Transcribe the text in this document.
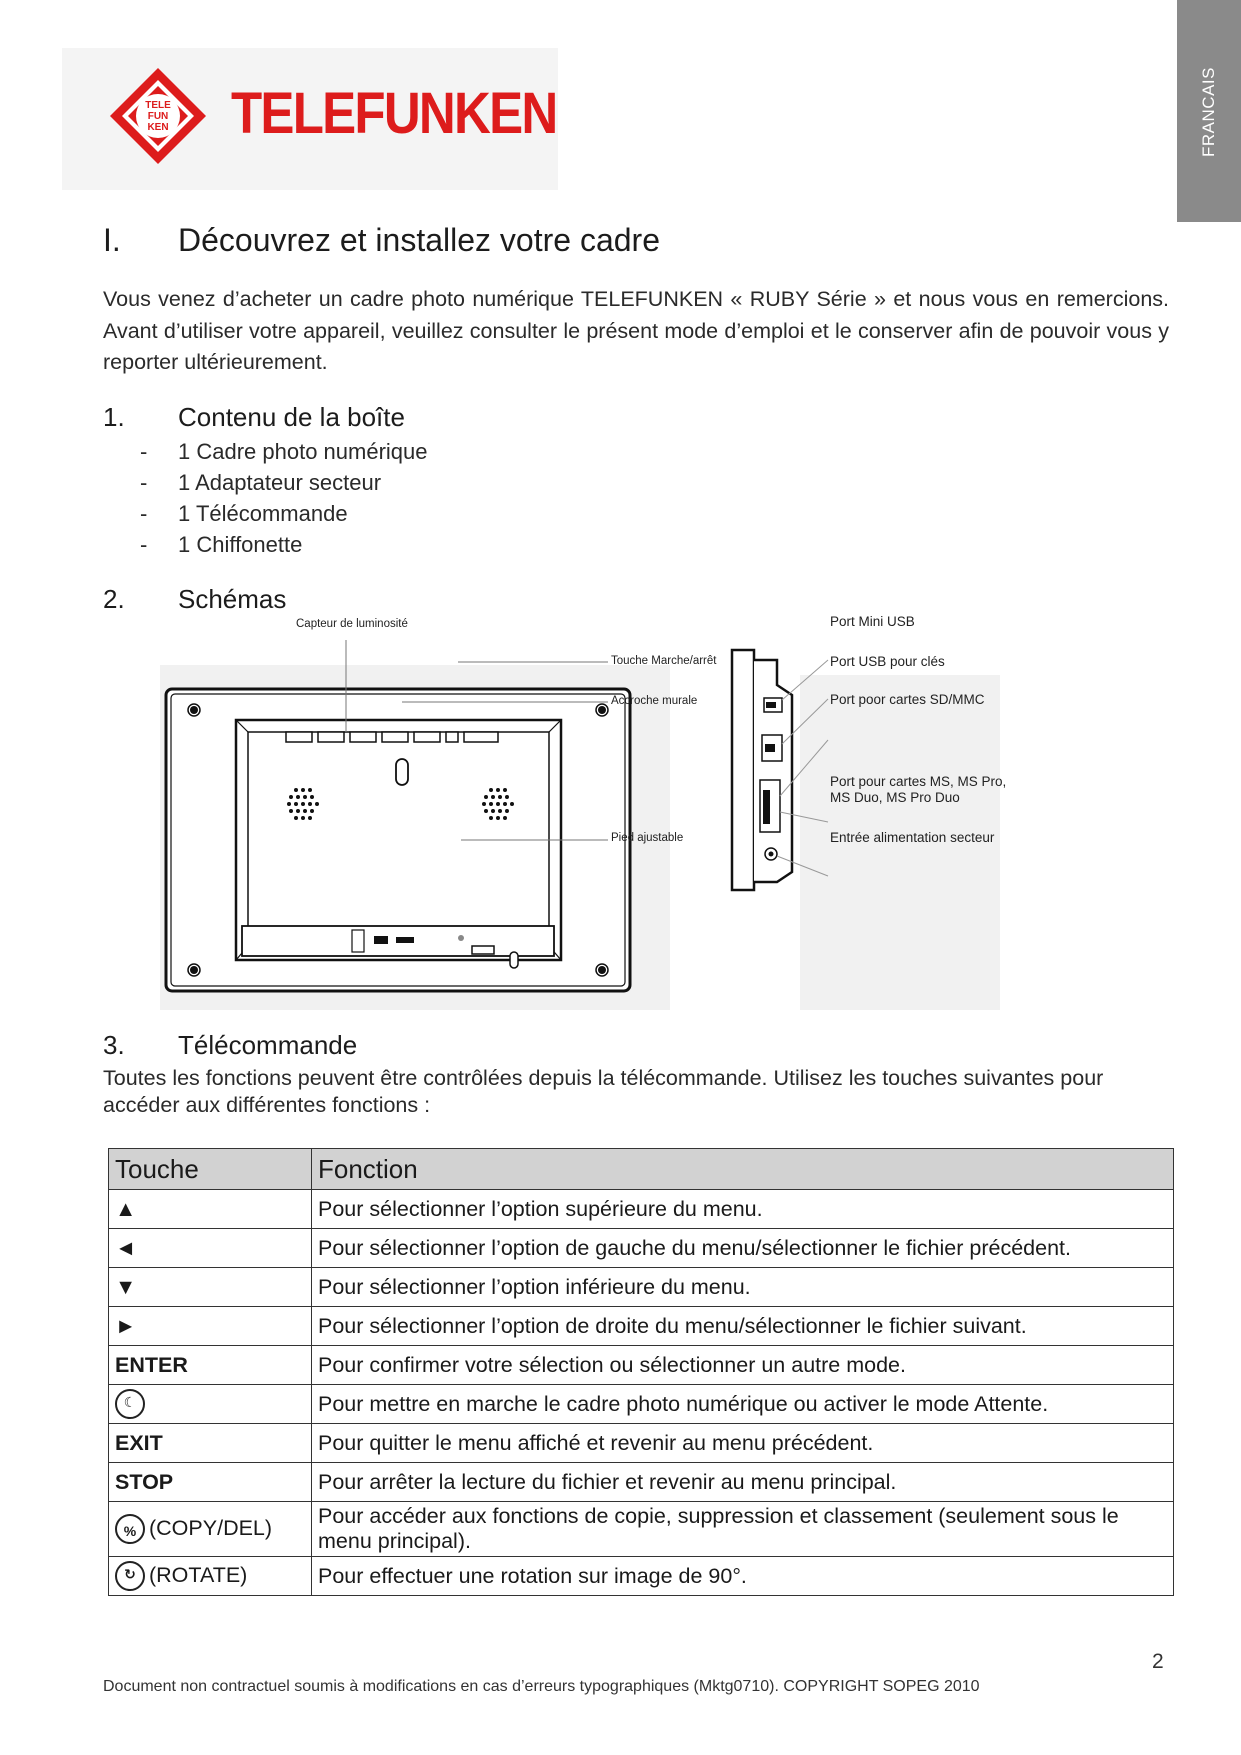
FRANCAIS
TELE
FUN
KEN TELEFUNKEN
I. Découvrez et installez votre cadre
Vous venez d’acheter un cadre photo numérique TELEFUNKEN « RUBY Série » et nous vous en remercions. Avant d’utiliser votre appareil, veuillez consulter le présent mode d’emploi et le conserver afin de pouvoir vous y reporter ultérieurement.
1. Contenu de la boîte
- 1 Cadre photo numérique
- 1 Adaptateur secteur
- 1 Télécommande
- 1 Chiffonette
2. Schémas
Capteur de luminosité
Touche Marche/arrêt
Accroche murale
Pied ajustable
Port Mini USB
Port USB pour clés
Port poor cartes SD/MMC
Port pour cartes MS, MS Pro, MS Duo, MS Pro Duo
Entrée alimentation secteur
3. Télécommande
Toutes les fonctions peuvent être contrôlées depuis la télécommande. Utilisez les touches suivantes pour accéder aux différentes fonctions :
Touche	Fonction
▲	Pour sélectionner l’option supérieure du menu.
◄	Pour sélectionner l’option de gauche du menu/sélectionner le fichier précédent.
▼	Pour sélectionner l’option inférieure du menu.
►	Pour sélectionner l’option de droite du menu/sélectionner le fichier suivant.
ENTER	Pour confirmer votre sélection ou sélectionner un autre mode.

☾	Pour mettre en marche le cadre photo numérique ou activer le mode Attente.
EXIT	Pour quitter le menu affiché et revenir au menu précédent.
STOP	Pour arrêter la lecture du fichier et revenir au menu principal.

% (COPY/DEL)	Pour accéder aux fonctions de copie, suppression et classement (seulement sous le menu principal).

↻ (ROTATE)	Pour effectuer une rotation sur image de 90°.
2
Document non contractuel soumis à modifications en cas d’erreurs typographiques (Mktg0710). COPYRIGHT SOPEG 2010
